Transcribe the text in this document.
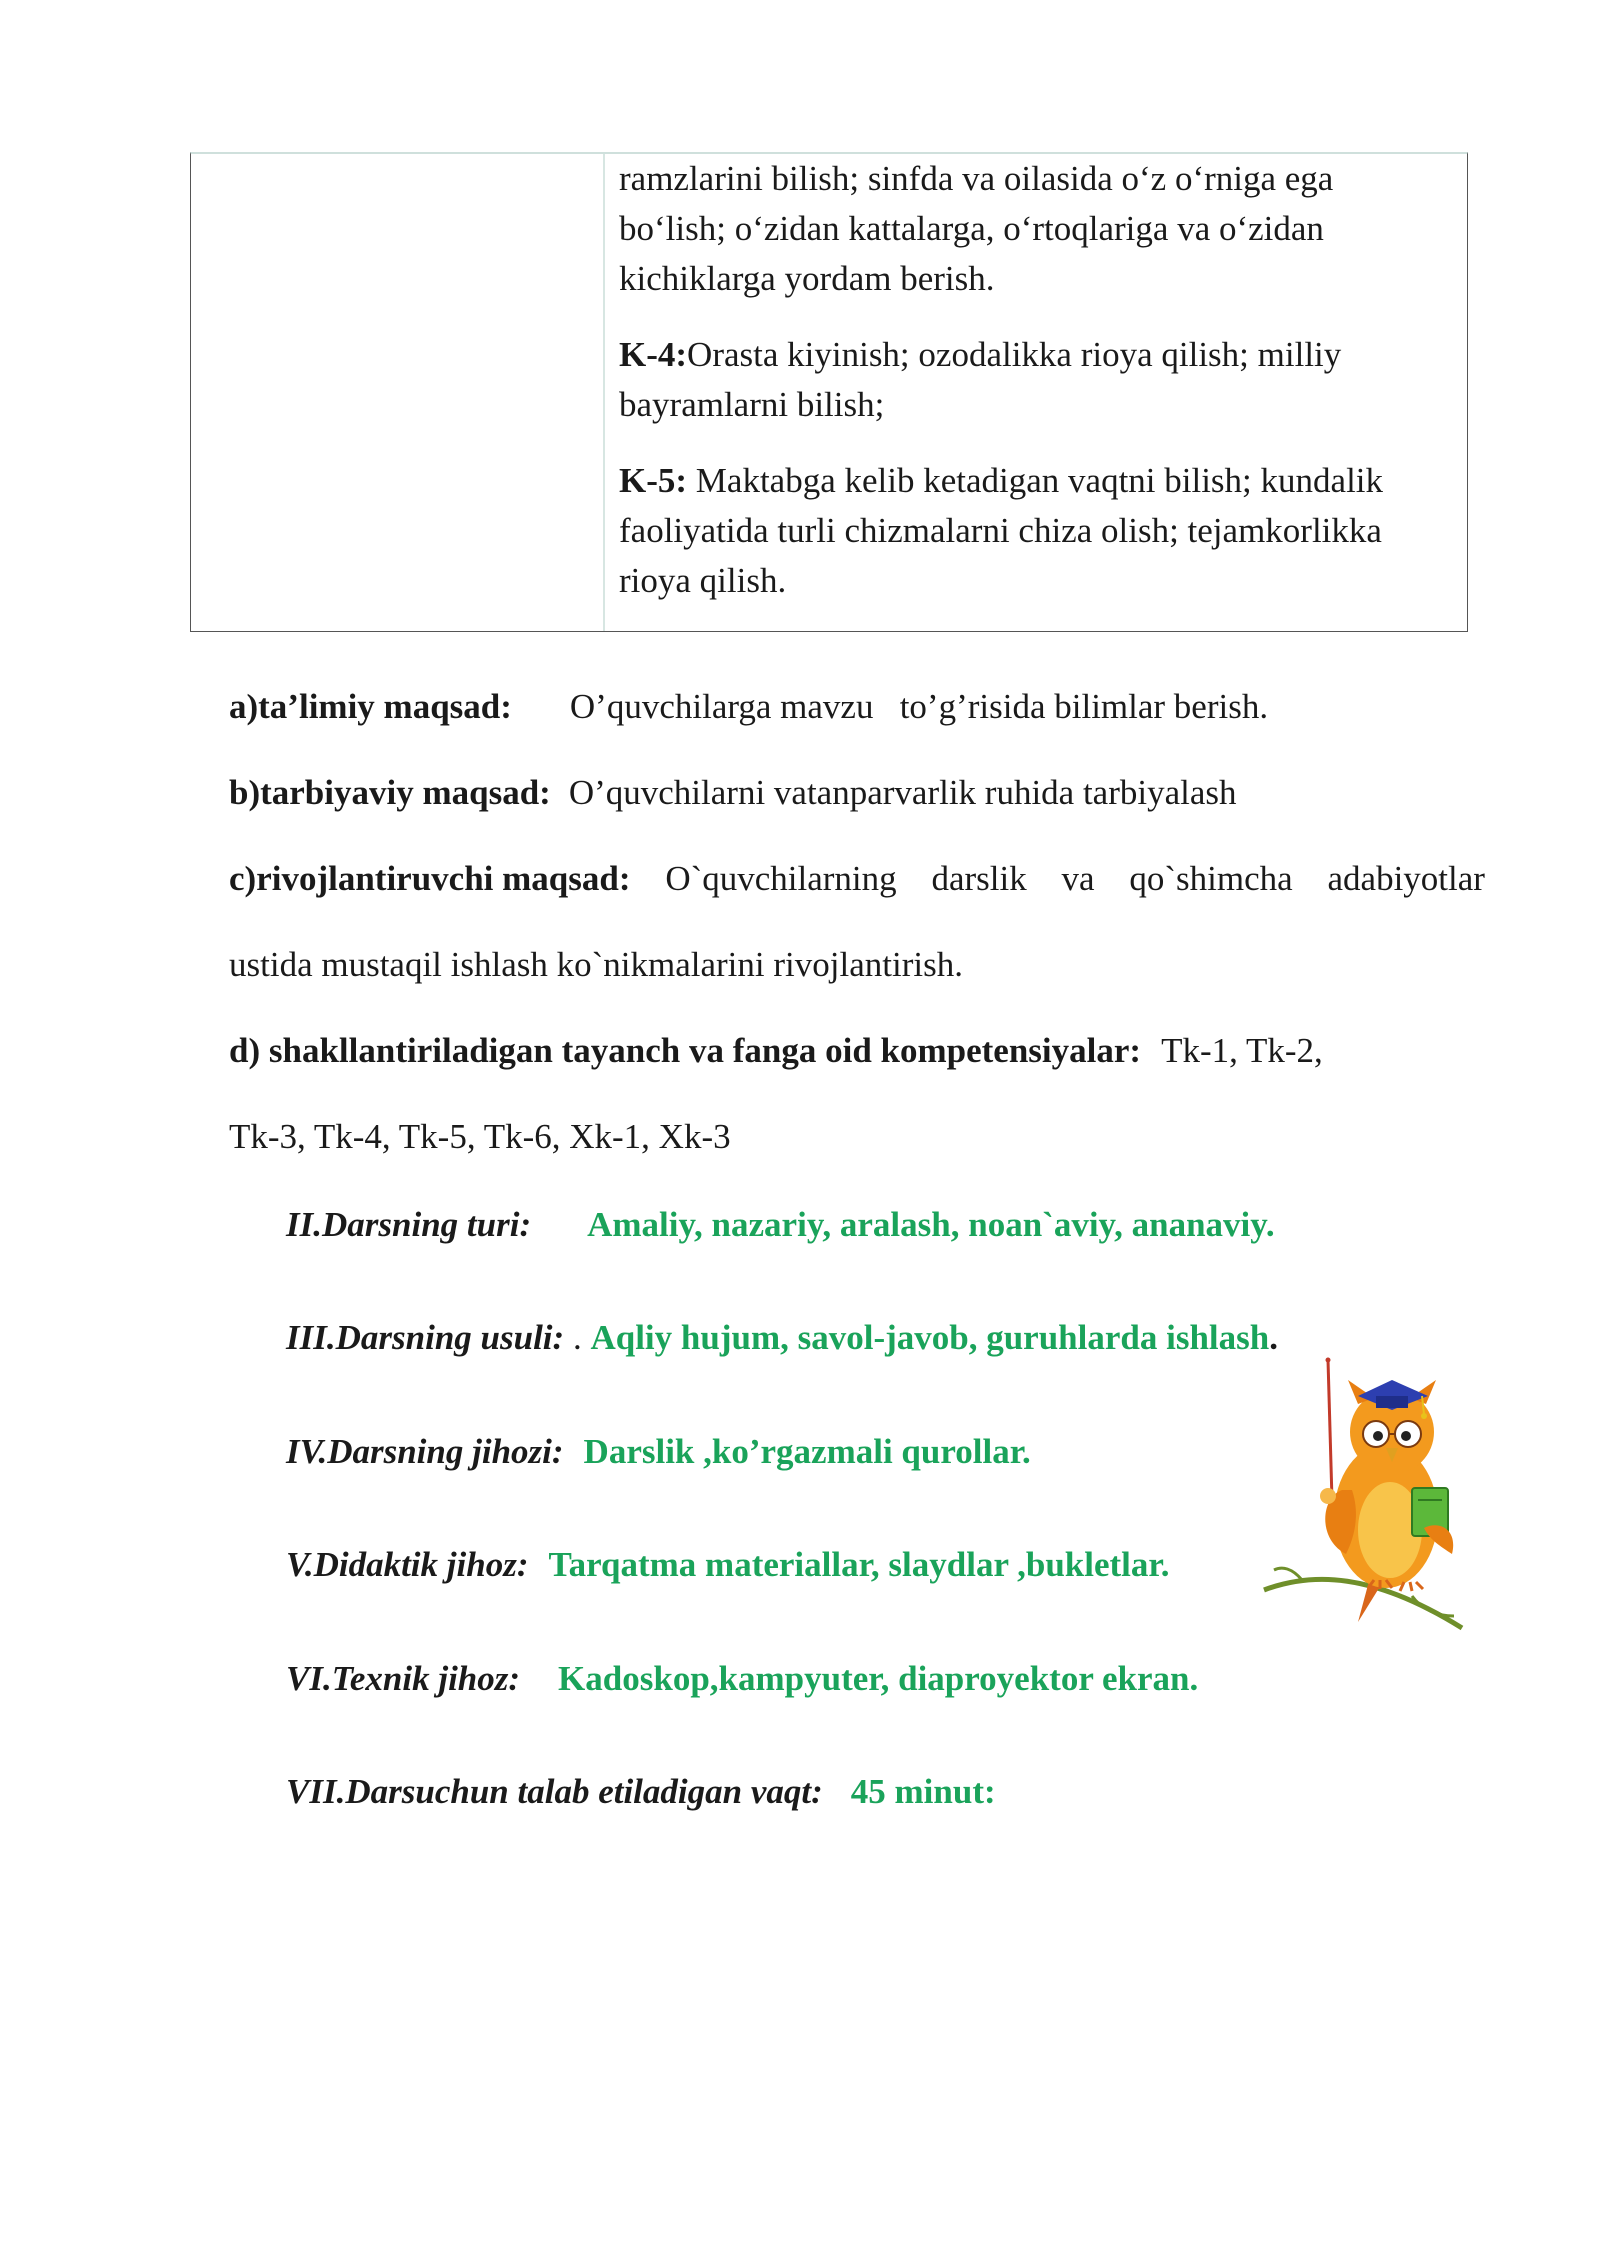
ramzlarini bilish; sinfda va oilasida o‘z o‘rniga ega bo‘lish; o‘zidan kattalarga, o‘rtoqlariga va o‘zidan kichiklarga yordam berish.

K-4:Orasta kiyinish; ozodalikka rioya qilish; milliy bayramlarni bilish;

K-5: Maktabga kelib ketadigan vaqtni bilish; kundalik faoliyatida turli chizmalarni chiza olish; tejamkorlikka rioya qilish.

a)ta’limiy maqsad: O’quvchilarga mavzu   to’g’risida bilimlar berish.
b)tarbiyaviy maqsad: O’quvchilarni vatanparvarlik ruhida tarbiyalash
c)rivojlantiruvchi maqsad: O`quvchilarning darslik va qo`shimcha adabiyotlar
ustida mustaqil ishlash ko`nikmalarini rivojlantirish.
d) shakllantiriladigan tayanch va fanga oid kompetensiyalar: Tk-1, Tk-2,
Tk-3, Tk-4, Tk-5, Tk-6, Xk-1, Xk-3
II.Darsning turi: Amaliy, nazariy, aralash, noan`aviy, ananaviy.
III.Darsning usuli: . Aqliy hujum, savol-javob, guruhlarda ishlash.
IV.Darsning jihozi: Darslik ,ko’rgazmali qurollar.
V.Didaktik jihoz: Tarqatma materiallar, slaydlar ,bukletlar.
VI.Texnik jihoz: Kadoskop,kampyuter, diaproyektor ekran.
VII.Darsuchun talab etiladigan vaqt: 45 minut:
